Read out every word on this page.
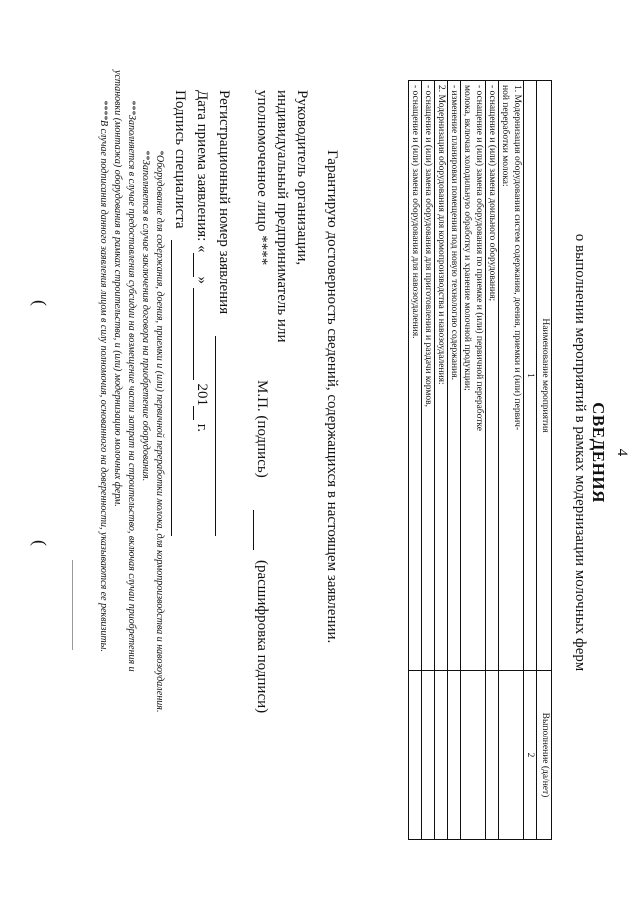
4
СВЕДЕНИЯ
о выполнении мероприятий в рамках модернизации молочных ферм
Наименование мероприятия	Выполнение (да/нет)
1	2

1. Модернизация оборудования систем содержания, доения, приемки и (или) первич-
ной переработки молока:	

- оснащение и (или) замена доильного оборудования;	

- оснащение и (или) замена оборудования по приемке и (или) первичной переработке
молока, включая холодильную обработку и хранение молочной продукции;	

- изменение планировки помещения под новую технологию содержания.	
2. Модернизация оборудования для кормопроизводства и навозоудаления:	
- оснащение и (или) замена оборудования для приготовления и раздачи кормов,	
- оснащение и (или) замена оборудования для навозоудаления.	
Гарантирую достоверность сведений, содержащихся в настоящем заявлении.
Руководитель организации,
индивидуальный предприниматель или
уполномоченное лицо ****
М.П. (подпись)
(расшифровка подписи)
Регистрационный номер заявления
Дата приема заявления: «»  201 г.
Подпись специалиста
*Оборудование для содержания, доения, приемки и (или) первичной переработки молока, для кормопроизводства и навозоудаления.
**Заполняется в случае заключения договора на приобретение оборудования.
***Заполняется в случае предоставления субсидии на возмещение части затрат на строительство, включая случаи приобретения и
установки (монтажа) оборудования в рамках строительства, и (или) модернизацию молочных ферм.
****В случае подписания данного заявления лицом в силу полномочия, основанного на доверенности, указываются ее реквизиты.
(
(
